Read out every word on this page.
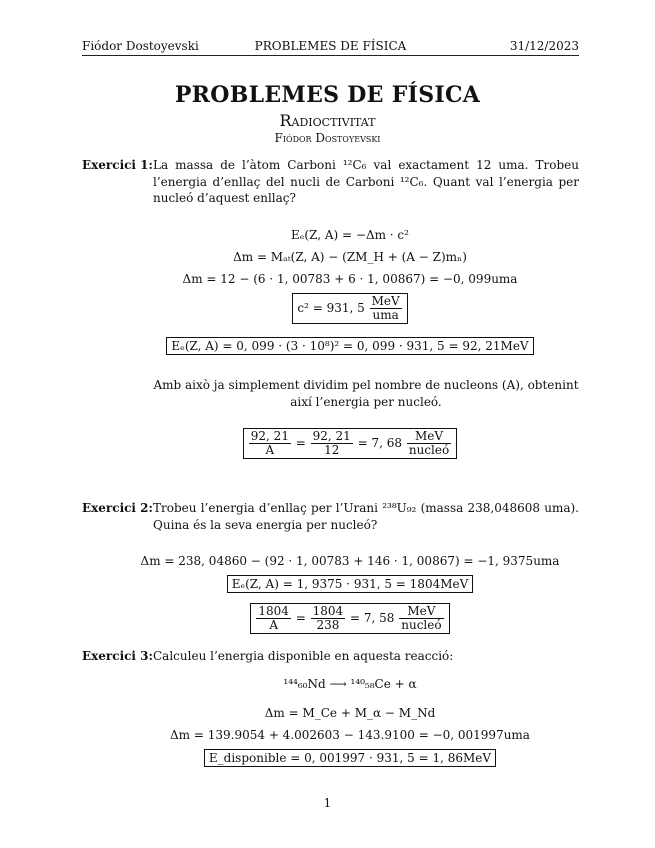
Fiódor Dostoyevski	PROBLEMES DE FÍSICA	31/12/2023
PROBLEMES DE FÍSICA
Radioctivitat
Fiódor Dostoyevski
Exercici 1: La massa de l’àtom Carboni ¹²C₆ val exactament 12 uma. Trobeu l’energia d’enllaç del nucli de Carboni ¹²C₆. Quant val l’energia per nucleó d’aquest enllaç?
Eₑ(Z, A) = −Δm · c²
Δm = Mₐₜ(Z, A) − (ZM_H + (A − Z)mₙ)
Δm = 12 − (6 · 1, 00783 + 6 · 1, 00867) = −0, 099uma
c² = 931, $5 \frac{\text{MeV}}{\text{uma}}$
Eₑ(Z, A) = 0, 099 · (3 · 10⁸)² = 0, 099 · 931, 5 = 92, 21MeV
Amb això ja simplement dividim pel nombre de nucleons (A), obtenint així l’energia per nucleó.
$\frac{92, 21}{A} = \frac{92, 21}{12} = 7$, $68 \frac{\text{MeV}}{\text{nucleó}}$
Exercici 2: Trobeu l’energia d’enllaç per l’Urani ²³⁸U₉₂ (massa 238,048608 uma). Quina és la seva energia per nucleó?
Δm = 238, 04860 − (92 · 1, 00783 + 146 · 1, 00867) = −1, 9375uma
Eₑ(Z, A) = 1, 9375 · 931, 5 = 1804MeV
$\frac{1804}{A} = \frac{1804}{238} = 7$, $58 \frac{\text{MeV}}{\text{nucleó}}$
Exercici 3: Calculeu l’energia disponible en aquesta reacció:
¹⁴⁴₆₀Nd ⟶ ¹⁴⁰₅₈Ce + α
Δm = M_Ce + M_α − M_Nd
Δm = 139.9054 + 4.002603 − 143.9100 = −0, 001997uma
E_disponible = 0, 001997 · 931, 5 = 1, 86MeV
1
